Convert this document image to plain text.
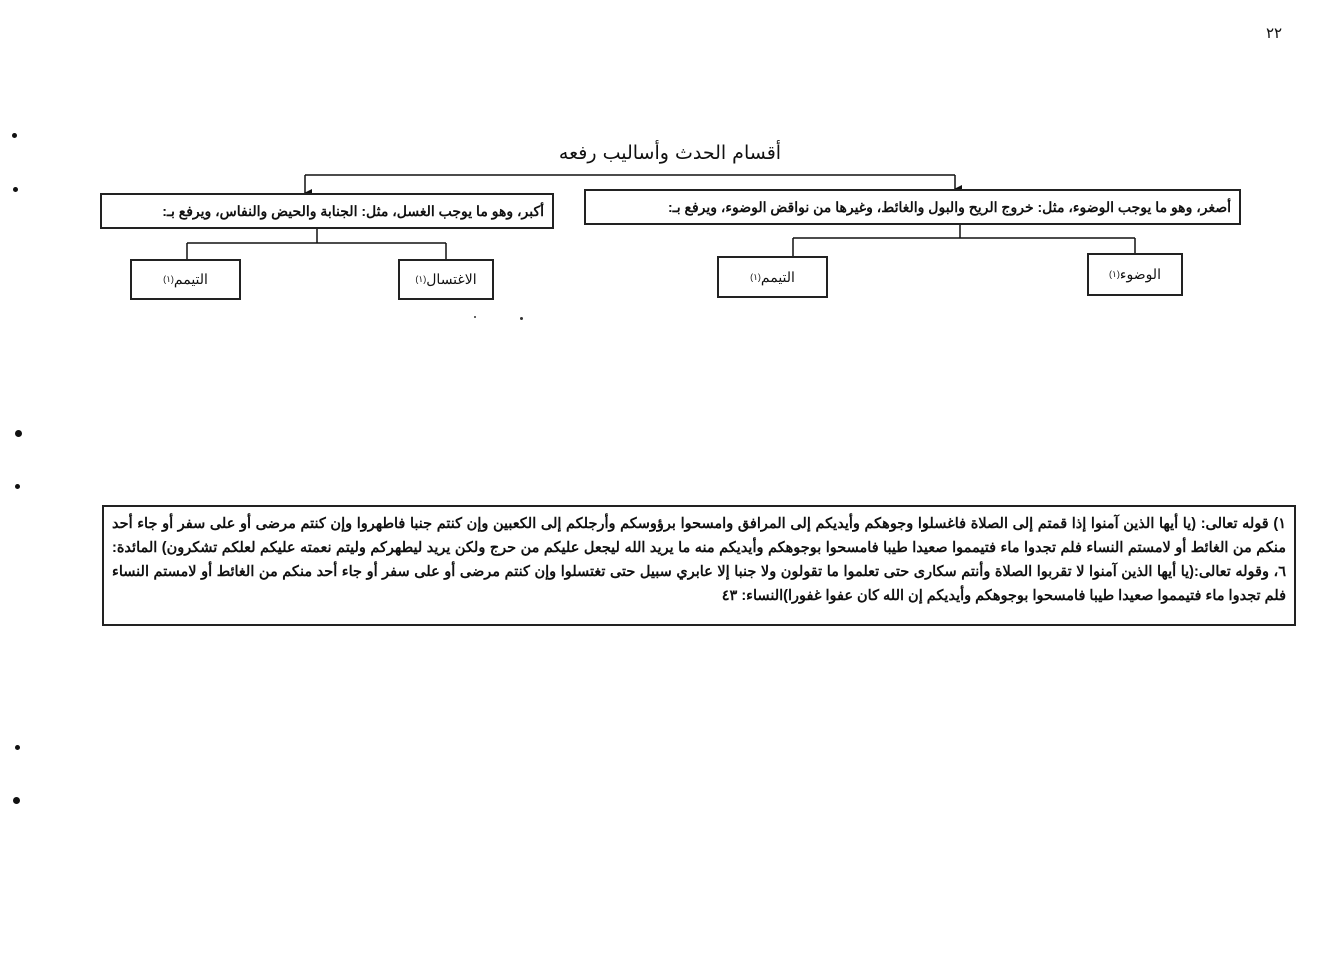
٢٢
أقسام الحدث وأساليب رفعه
أكبر، وهو ما يوجب الغسل، مثل: الجنابة والحيض والنفاس، ويرفع بـ:	أصغر، وهو ما يوجب الوضوء، مثل: خروج الريح والبول والغائط، وغيرها من نواقض الوضوء، ويرفع بـ:
الاغتسال
(١)
التيمم
(١)	الوضوء
(١)
التيمم
(١)
١) قوله تعالى: (يا أيها الذين آمنوا إذا قمتم إلى الصلاة فاغسلوا وجوهكم وأيديكم إلى المرافق وامسحوا برؤوسكم وأرجلكم إلى الكعبين وإن كنتم جنبا فاطهروا وإن كنتم مرضى أو على سفر أو جاء أحد منكم من الغائط أو لامستم النساء فلم تجدوا ماء فتيمموا صعيدا طيبا فامسحوا بوجوهكم وأيديكم منه ما يريد الله ليجعل عليكم من حرج ولكن يريد ليطهركم وليتم نعمته عليكم لعلكم تشكرون) المائدة: ٦، وقوله تعالى:(يا أيها الذين آمنوا لا تقربوا الصلاة وأنتم سكارى حتى تعلموا ما تقولون ولا جنبا إلا عابري سبيل حتى تغتسلوا وإن كنتم مرضى أو على سفر أو جاء أحد منكم من الغائط أو لامستم النساء فلم تجدوا ماء فتيمموا صعيدا طيبا فامسحوا بوجوهكم وأيديكم إن الله كان عفوا غفورا)النساء: ٤٣
